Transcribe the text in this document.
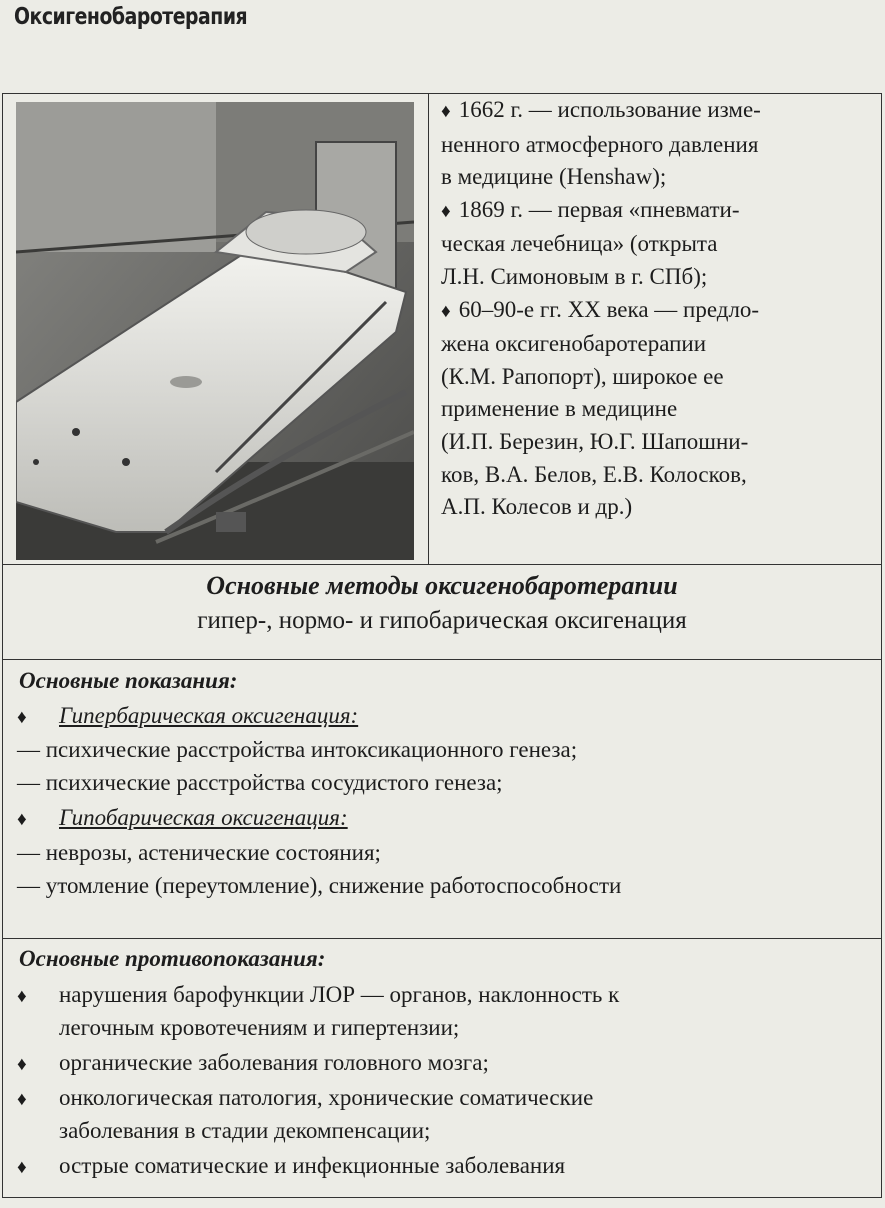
Оксигенобаротерапия
♦ 1662 г. — использование изме-
ненного атмосферного давления
в медицине (Henshaw);
♦ 1869 г. — первая «пневмати-
ческая лечебница» (открыта
Л.Н. Симоновым в г. СПб);
♦ 60–90-е гг. XX века — предло-
жена оксигенобаротерапии
(К.М. Рапопорт), широкое ее
применение в медицине
(И.П. Березин, Ю.Г. Шапошни-
ков, В.А. Белов, Е.В. Колосков,
А.П. Колесов и др.)
Основные методы оксигенобаротерапии
гипер-, нормо- и гипобарическая оксигенация
Основные показания:
♦ Гипербарическая оксигенация:
— психические расстройства интоксикационного генеза;
— психические расстройства сосудистого генеза;
♦ Гипобарическая оксигенация:
— неврозы, астенические состояния;
— утомление (переутомление), снижение работоспособности
Основные противопоказания:
♦ нарушения барофункции ЛОР — органов, наклонность к
легочным кровотечениям и гипертензии;
♦ органические заболевания головного мозга;
♦ онкологическая патология, хронические соматические
заболевания в стадии декомпенсации;
♦ острые соматические и инфекционные заболевания
